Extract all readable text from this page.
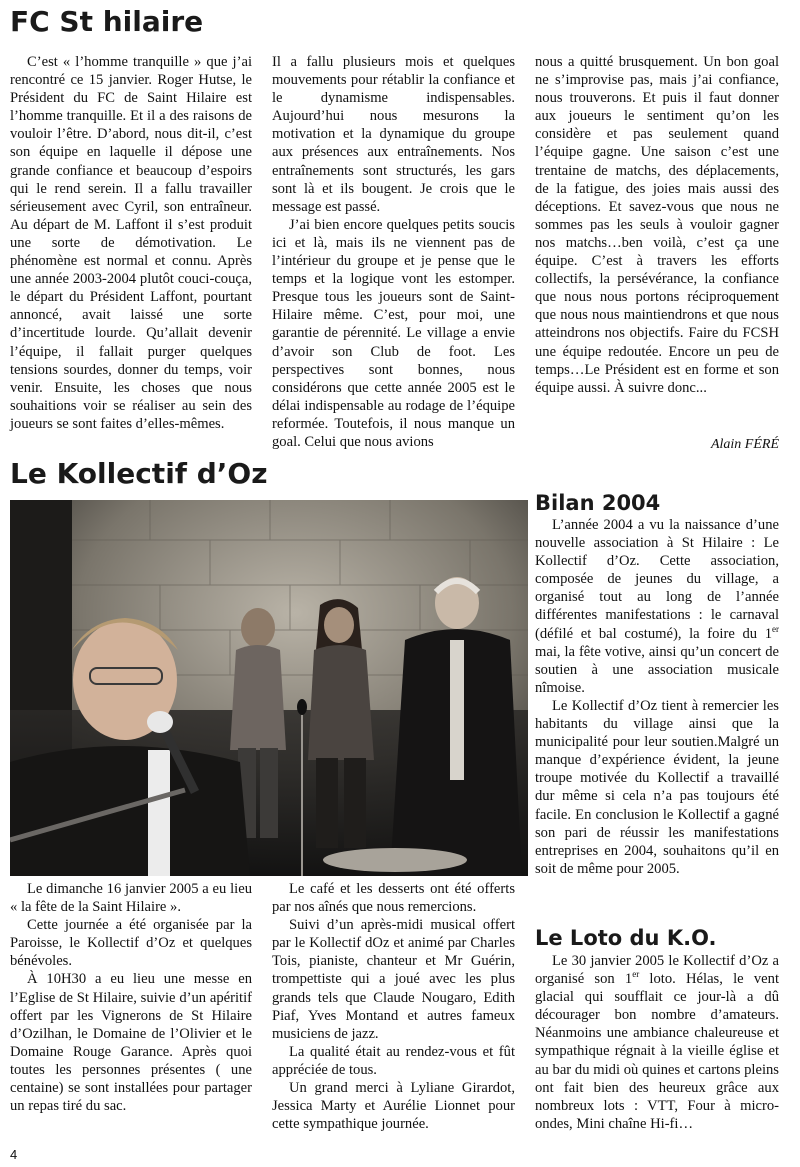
FC St hilaire

C’est « l’homme tranquille » que j’ai rencontré ce 15 janvier. Roger Hutse, le Président du FC de Saint Hilaire est l’homme tranquille. Et il a des raisons de vouloir l’être. D’abord, nous dit-il, c’est son équipe en laquelle il dépose une grande confiance et beaucoup d’espoirs qui le rend serein. Il a fallu travailler sérieusement avec Cyril, son entraîneur. Au départ de M. Laffont il s’est produit une sorte de démotivation. Le phénomène est normal et connu. Après une année 2003-2004 plutôt couci-couça, le départ du Président Laffont, pourtant annoncé, avait laissé une sorte d’incertitude lourde. Qu’allait devenir l’équipe, il fallait purger quelques tensions sourdes, donner du temps, voir venir. Ensuite, les choses que nous souhaitions voir se réaliser au sein des joueurs se sont faites d’elles-mêmes.

Il a fallu plusieurs mois et quelques mouvements pour rétablir la confiance et le dynamisme indispensables. Aujourd’hui nous mesurons la motivation et la dynamique du groupe aux présences aux entraînements. Nos entraînements sont structurés, les gars sont là et ils bougent. Je crois que le message est passé.

J’ai bien encore quelques petits soucis ici et là, mais ils ne viennent pas de l’intérieur du groupe et je pense que le temps et la logique vont les estomper. Presque tous les joueurs sont de Saint-Hilaire même. C’est, pour moi, une garantie de pérennité. Le village a envie d’avoir son Club de foot. Les perspectives sont bonnes, nous considérons que cette année 2005 est le délai indispensable au rodage de l’équipe reformée. Toutefois, il nous manque un goal. Celui que nous avions

nous a quitté brusquement. Un bon goal ne s’improvise pas, mais j’ai confiance, nous trouverons. Et puis il faut donner aux joueurs le sentiment qu’on les considère et pas seulement quand l’équipe gagne. Une saison c’est une trentaine de matchs, des déplacements, de la fatigue, des joies mais aussi des déceptions. Et savez-vous que nous ne sommes pas les seuls à vouloir gagner nos matchs…ben voilà, c’est ça une équipe. C’est à travers les efforts collectifs, la persévérance, la confiance que nous nous portons réciproquement que nous nous maintiendrons et que nous atteindrons nos objectifs. Faire du FCSH une équipe redoutée. Encore un peu de temps…Le Président est en forme et son équipe aussi. À suivre donc...

Alain FÉRÉ
Le Kollectif d’Oz

Le dimanche 16 janvier 2005 a eu lieu « la fête de la Saint Hilaire ».

Cette journée a été organisée par la Paroisse, le Kollectif d’Oz et quelques bénévoles.

À 10H30 a eu lieu une messe en l’Eglise de St Hilaire, suivie d’un apéritif offert par les Vignerons de St Hilaire d’Ozilhan, le Domaine de l’Olivier et le Domaine Rouge Garance. Après quoi toutes les personnes présentes ( une centaine) se sont installées pour partager un repas tiré du sac.

Le café et les desserts ont été offerts par nos aînés que nous remercions.

Suivi d’un après-midi musical offert par le Kollectif dOz et animé par Charles Tois, pianiste, chanteur et Mr Guérin, trompettiste qui a joué avec les plus grands tels que Claude Nougaro, Edith Piaf, Yves Montand et autres fameux musiciens de jazz.

La qualité était au rendez-vous et fût appréciée de tous.

Un grand merci à Lyliane Girardot, Jessica Marty et Aurélie Lionnet pour cette sympathique journée.

Bilan 2004

L’année 2004 a vu la naissance d’une nouvelle association à St Hilaire : Le Kollectif d’Oz. Cette association, composée de jeunes du village, a organisé tout au long de l’année différentes manifestations : le carnaval (défilé et bal costumé), la foire du 1er mai, la fête votive, ainsi qu’un concert de soutien à une association musicale nîmoise.

Le Kollectif d’Oz tient à remercier les habitants du village ainsi que la municipalité pour leur soutien.Malgré un manque d’expérience évident, la jeune troupe motivée du Kollectif a travaillé dur même si cela n’a pas toujours été facile. En conclusion le Kollectif a gagné son pari de réussir les manifestations entreprises en 2004, souhaitons qu’il en soit de même pour 2005.

Le Loto du K.O.

Le 30 janvier 2005 le Kollectif d’Oz a organisé son 1er loto. Hélas, le vent glacial qui soufflait ce jour-là a dû décourager bon nombre d’amateurs. Néanmoins une ambiance chaleureuse et sympathique régnait à la vieille église et au bar du midi où quines et cartons pleins ont fait bien des heureux grâce aux nombreux lots : VTT, Four à micro-ondes, Mini chaîne Hi-fi…

4
